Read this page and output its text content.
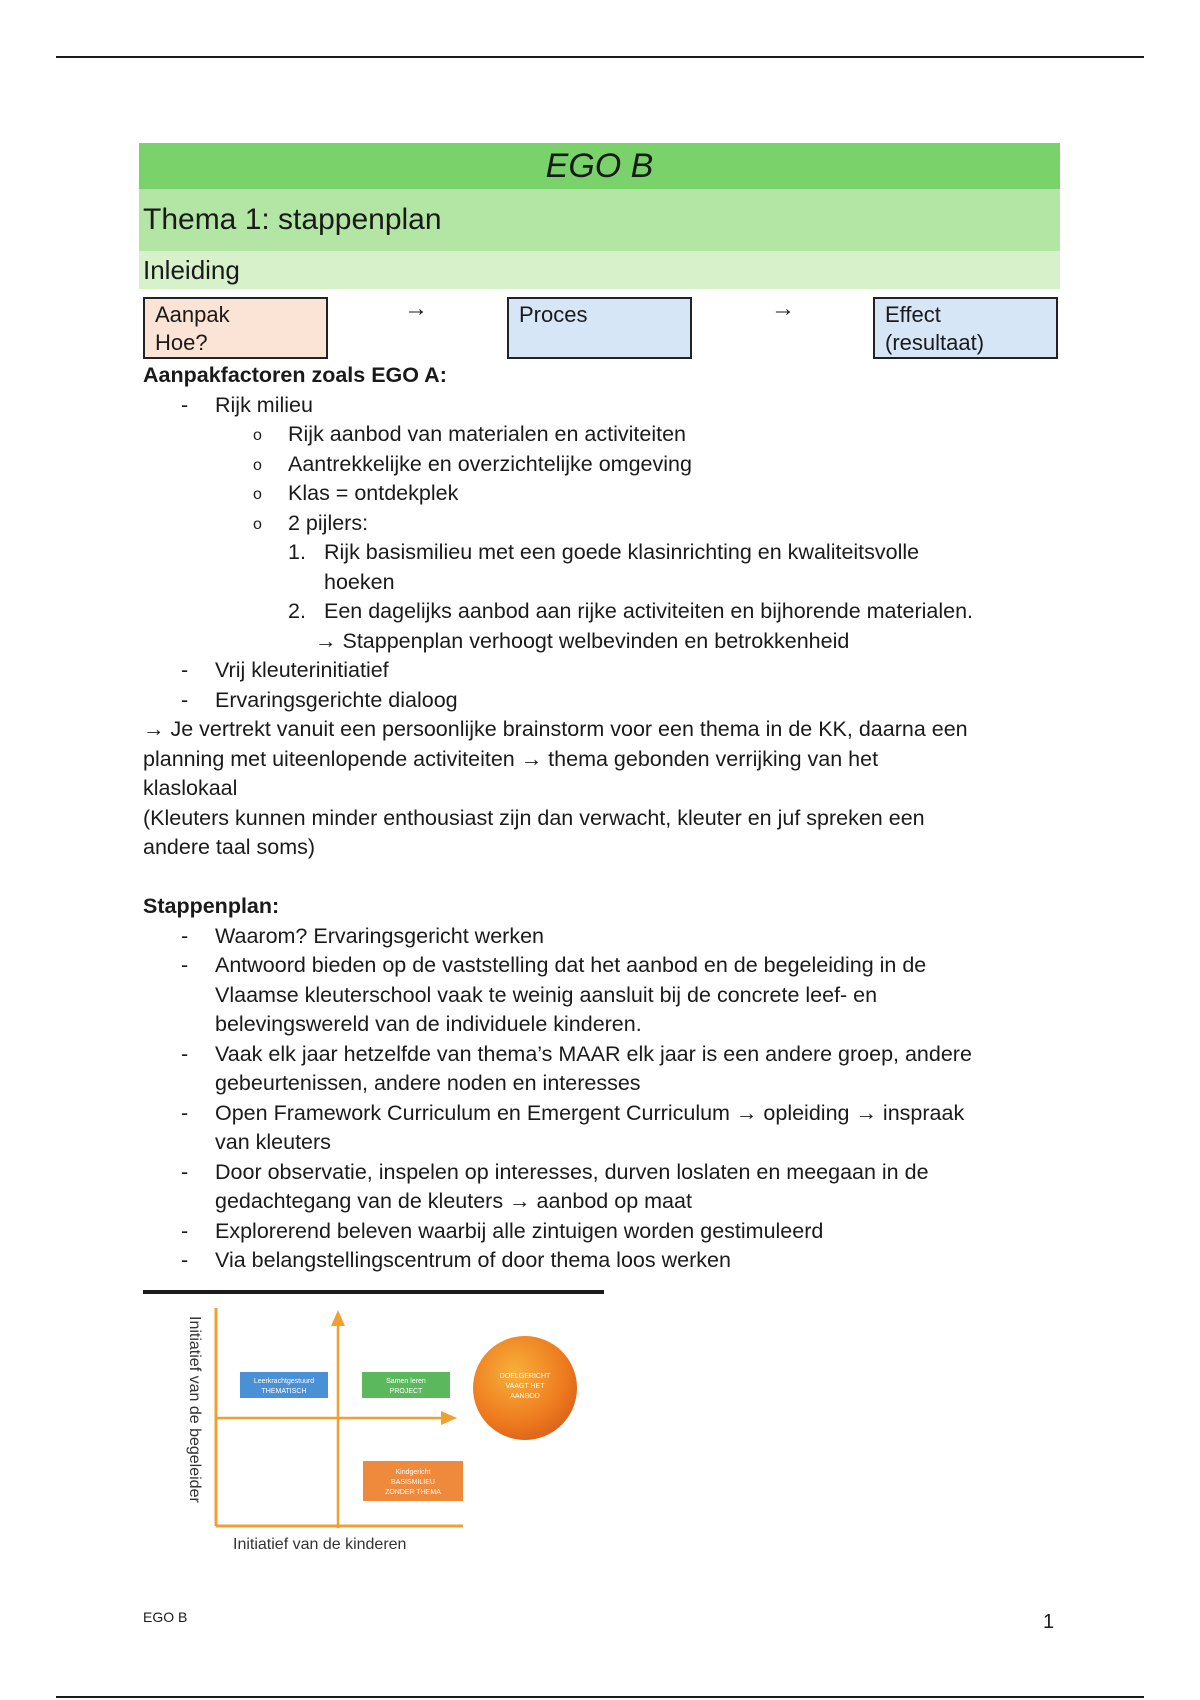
EGO B
Thema 1: stappenplan
Inleiding
Aanpak
Hoe?
→	Proces	→	Effect
(resultaat)

Aanpakfactoren zoals EGO A:

- Rijk milieu
o Rijk aanbod van materialen en activiteiten
o Aantrekkelijke en overzichtelijke omgeving
o Klas = ontdekplek
o 2 pijlers:
1. Rijk basismilieu met een goede klasinrichting en kwaliteitsvolle
hoeken
2. Een dagelijks aanbod aan rijke activiteiten en bijhorende materialen.
→ Stappenplan verhoogt welbevinden en betrokkenheid
- Vrij kleuterinitiatief
- Ervaringsgerichte dialoog

→ Je vertrekt vanuit een persoonlijke brainstorm voor een thema in de KK, daarna een

planning met uiteenlopende activiteiten → thema gebonden verrijking van het

klaslokaal

(Kleuters kunnen minder enthousiast zijn dan verwacht, kleuter en juf spreken een

andere taal soms)

Stappenplan:

- Waarom? Ervaringsgericht werken
- Antwoord bieden op de vaststelling dat het aanbod en de begeleiding in de
Vlaamse kleuterschool vaak te weinig aansluit bij de concrete leef- en
belevingswereld van de individuele kinderen.
- Vaak elk jaar hetzelfde van thema’s MAAR elk jaar is een andere groep, andere
gebeurtenissen, andere noden en interesses
- Open Framework Curriculum en Emergent Curriculum → opleiding → inspraak
van kleuters
- Door observatie, inspelen op interesses, durven loslaten en meegaan in de
gedachtegang van de kleuters → aanbod op maat
- Explorerend beleven waarbij alle zintuigen worden gestimuleerd
- Via belangstellingscentrum of door thema loos werken
Initiatief van de begeleider	Leerkrachtgestuurd
THEMATISCH
Samen leren
PROJECT
Kindgericht
BASISMILIEU
ZONDER THEMA
DOELGERICHT
VAAGT HET
AANBOD
Initiatief van de kinderen
EGO B	1
